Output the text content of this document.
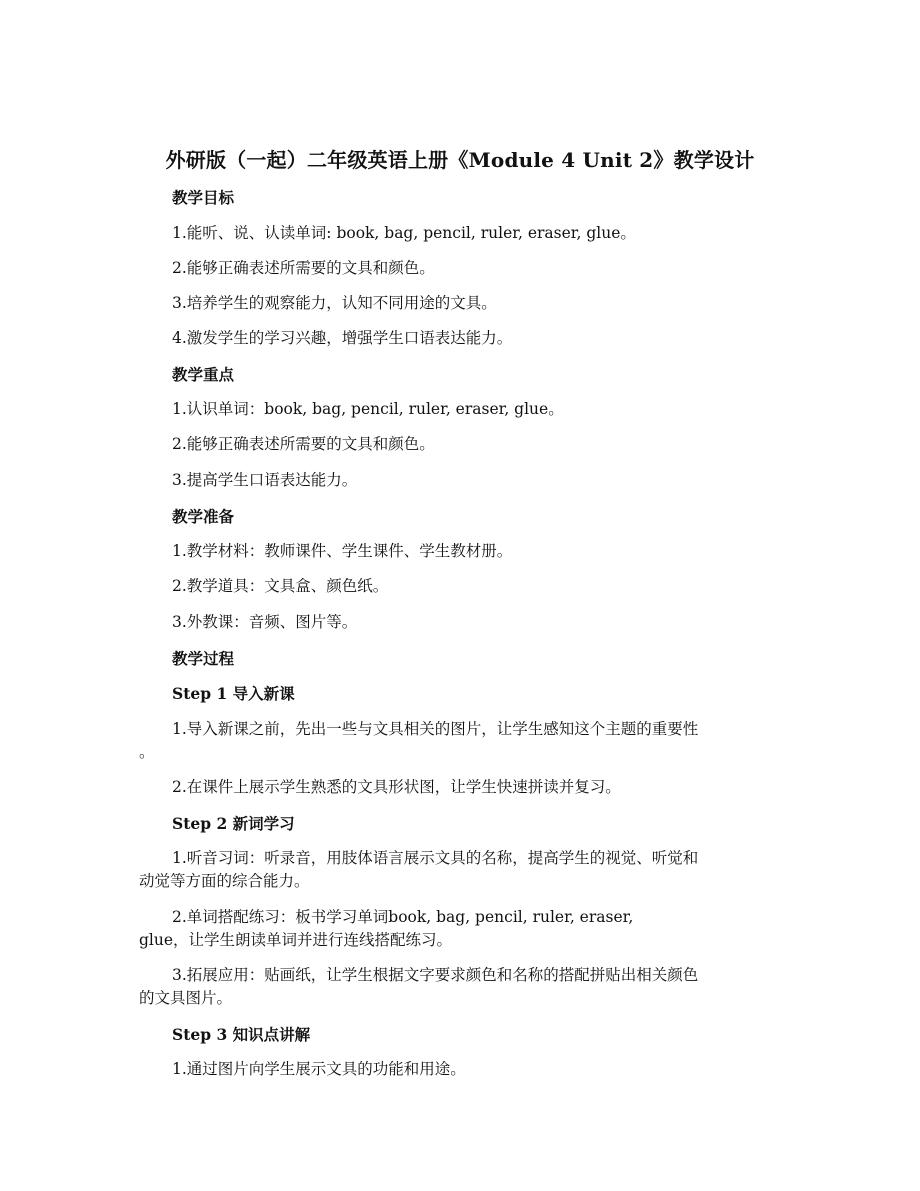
外研版（一起）二年级英语上册《Module 4 Unit 2》教学设计
教学目标
1.能听、说、认读单词: book, bag, pencil, ruler, eraser, glue。
2.能够正确表述所需要的文具和颜色。
3.培养学生的观察能力，认知不同用途的文具。
4.激发学生的学习兴趣，增强学生口语表达能力。
教学重点
1.认识单词：book, bag, pencil, ruler, eraser, glue。
2.能够正确表述所需要的文具和颜色。
3.提高学生口语表达能力。
教学准备
1.教学材料：教师课件、学生课件、学生教材册。
2.教学道具：文具盒、颜色纸。
3.外教课：音频、图片等。
教学过程
Step 1 导入新课
1.导入新课之前，先出一些与文具相关的图片，让学生感知这个主题的重要性
。
2.在课件上展示学生熟悉的文具形状图，让学生快速拼读并复习。
Step 2 新词学习
1.听音习词：听录音，用肢体语言展示文具的名称，提高学生的视觉、听觉和
动觉等方面的综合能力。
2.单词搭配练习：板书学习单词book, bag, pencil, ruler, eraser,
glue，让学生朗读单词并进行连线搭配练习。
3.拓展应用：贴画纸，让学生根据文字要求颜色和名称的搭配拼贴出相关颜色
的文具图片。
Step 3 知识点讲解
1.通过图片向学生展示文具的功能和用途。
